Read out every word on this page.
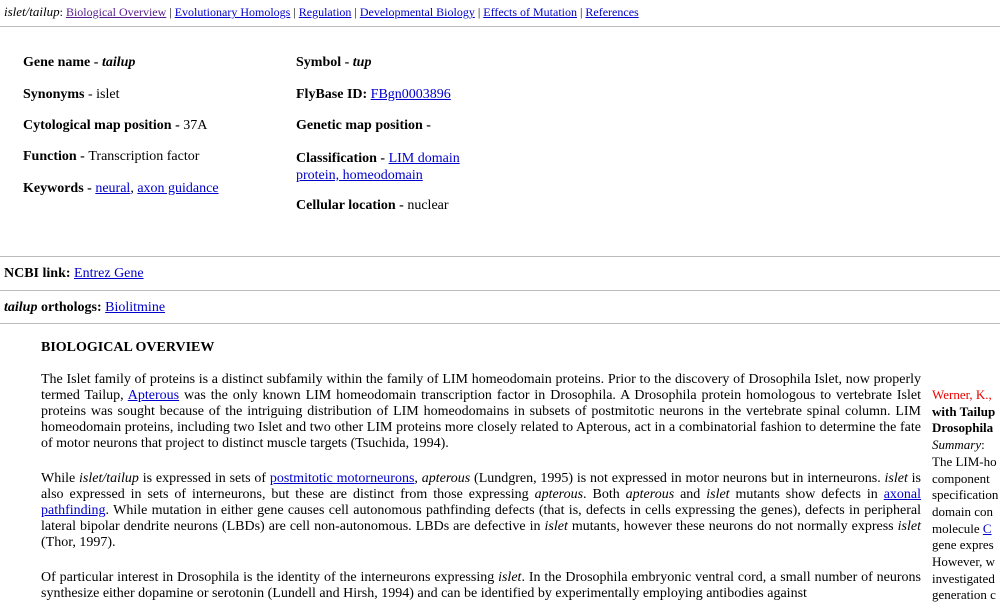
islet/tailup: Biological Overview | Evolutionary Homologs | Regulation | Developmental Biology | Effects of Mutation | References
Gene name - tailup
Synonyms - islet
Cytological map position - 37A
Function - Transcription factor
Keywords - neural, axon guidance
Symbol - tup
FlyBase ID: FBgn0003896
Genetic map position -
Classification - LIM domain protein, homeodomain
Cellular location - nuclear
NCBI link: Entrez Gene
tailup orthologs: Biolitmine
BIOLOGICAL OVERVIEW

The Islet family of proteins is a distinct subfamily within the family of LIM homeodomain proteins. Prior to the discovery of Drosophila Islet, now properly termed Tailup, Apterous was the only known LIM homeodomain transcription factor in Drosophila. A Drosophila protein homologous to vertebrate Islet proteins was sought because of the intriguing distribution of LIM homeodomains in subsets of postmitotic neurons in the vertebrate spinal column. LIM homeodomain proteins, including two Islet and two other LIM proteins more closely related to Apterous, act in a combinatorial fashion to determine the fate of motor neurons that project to distinct muscle targets (Tsuchida, 1994).

While islet/tailup is expressed in sets of postmitotic motorneurons, apterous (Lundgren, 1995) is not expressed in motor neurons but in interneurons. islet is also expressed in sets of interneurons, but these are distinct from those expressing apterous. Both apterous and islet mutants show defects in axonal pathfinding. While mutation in either gene causes cell autonomous pathfinding defects (that is, defects in cells expressing the genes), defects in peripheral lateral bipolar dendrite neurons (LBDs) are cell non-autonomous. LBDs are defective in islet mutants, however these neurons do not normally express islet (Thor, 1997).

Of particular interest in Drosophila is the identity of the interneurons expressing islet. In the Drosophila embryonic ventral cord, a small number of neurons synthesize either dopamine or serotonin (Lundell and Hirsh, 1994) and can be identified by experimentally employing antibodies against

Werner, K.,
with Tailup
Drosophila
Summary:
The LIM-ho
component
specification
domain con
molecule C
gene expres
However, w
investigated
generation c
